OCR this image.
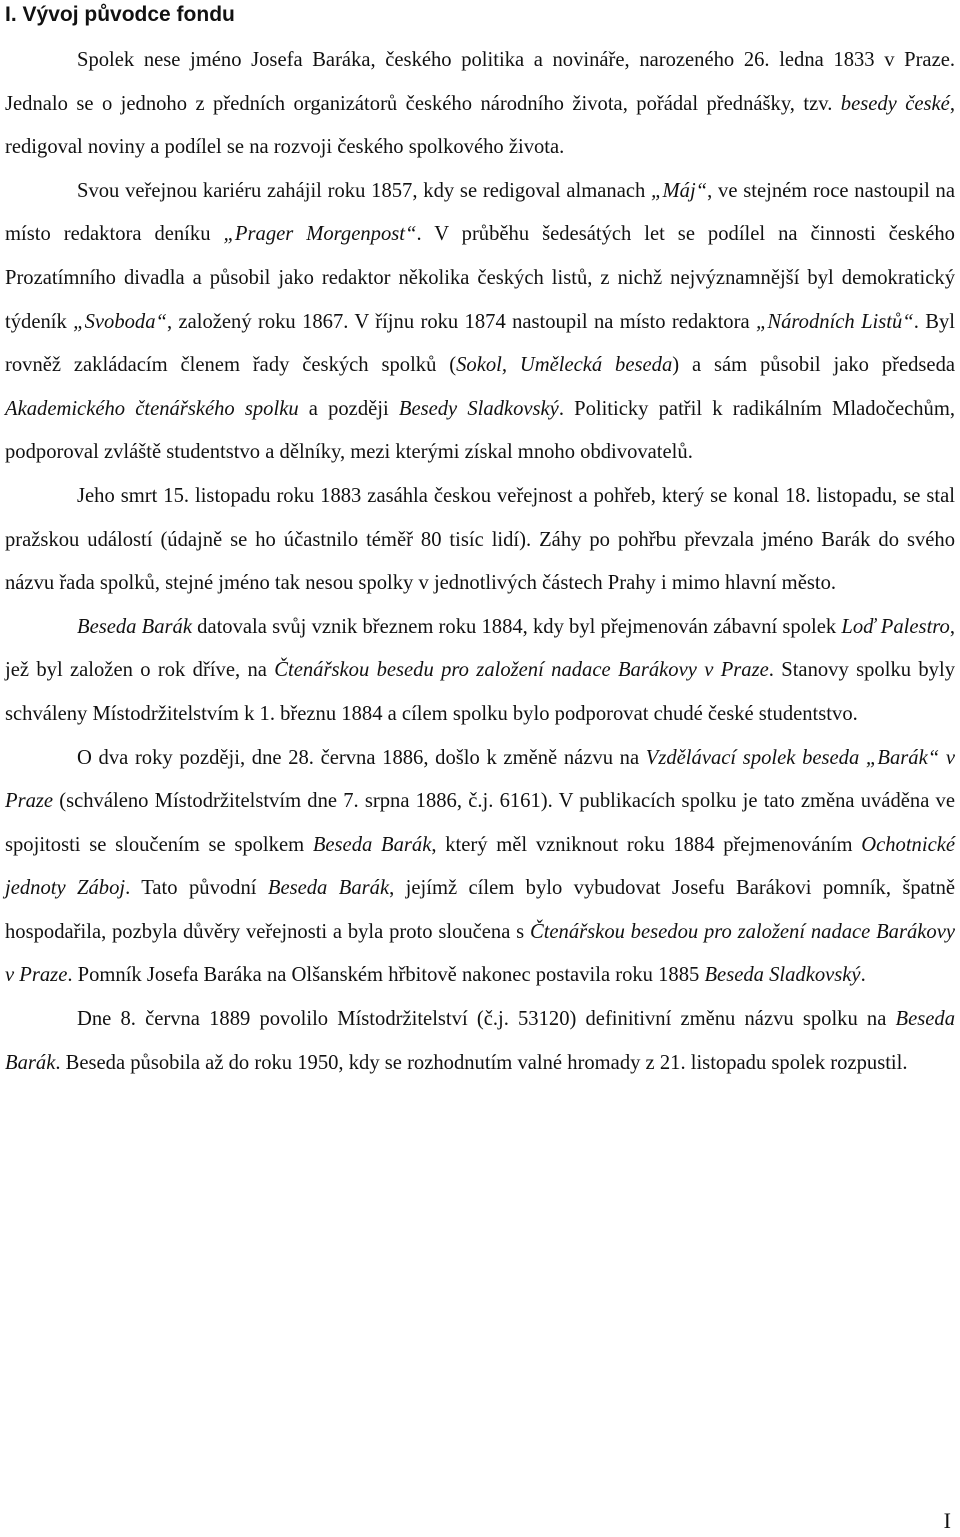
I. Vývoj původce fondu

Spolek nese jméno Josefa Baráka, českého politika a novináře, narozeného 26. ledna 1833 v Praze. Jednalo se o jednoho z předních organizátorů českého národního života, pořádal přednášky, tzv. besedy české, redigoval noviny a podílel se na rozvoji českého spolkového života.

Svou veřejnou kariéru zahájil roku 1857, kdy se redigoval almanach „Máj“, ve stejném roce nastoupil na místo redaktora deníku „Prager Morgenpost“. V průběhu šedesátých let se podílel na činnosti českého Prozatímního divadla a působil jako redaktor několika českých listů, z nichž nejvýznamnější byl demokratický týdeník „Svoboda“, založený roku 1867. V říjnu roku 1874 nastoupil na místo redaktora „Národních Listů“. Byl rovněž zakládacím členem řady českých spolků (Sokol, Umělecká beseda) a sám působil jako předseda Akademického čtenářského spolku a později Besedy Sladkovský. Politicky patřil k radikálním Mladočechům, podporoval zvláště studentstvo a dělníky, mezi kterými získal mnoho obdivovatelů.

Jeho smrt 15. listopadu roku 1883 zasáhla českou veřejnost a pohřeb, který se konal 18. listopadu, se stal pražskou událostí (údajně se ho účastnilo téměř 80 tisíc lidí). Záhy po pohřbu převzala jméno Barák do svého názvu řada spolků, stejné jméno tak nesou spolky v jednotlivých částech Prahy i mimo hlavní město.

Beseda Barák datovala svůj vznik březnem roku 1884, kdy byl přejmenován zábavní spolek Loď Palestro, jež byl založen o rok dříve, na Čtenářskou besedu pro založení nadace Barákovy v Praze. Stanovy spolku byly schváleny Místodržitelstvím k 1. březnu 1884 a cílem spolku bylo podporovat chudé české studentstvo.

O dva roky později, dne 28. června 1886, došlo k změně názvu na Vzdělávací spolek beseda „Barák“ v Praze (schváleno Místodržitelstvím dne 7. srpna 1886, č.j. 6161). V publikacích spolku je tato změna uváděna ve spojitosti se sloučením se spolkem Beseda Barák, který měl vzniknout roku 1884 přejmenováním Ochotnické jednoty Záboj. Tato původní Beseda Barák, jejímž cílem bylo vybudovat Josefu Barákovi pomník, špatně hospodařila, pozbyla důvěry veřejnosti a byla proto sloučena s Čtenářskou besedou pro založení nadace Barákovy v Praze. Pomník Josefa Baráka na Olšanském hřbitově nakonec postavila roku 1885 Beseda Sladkovský.

Dne 8. června 1889 povolilo Místodržitelství (č.j. 53120) definitivní změnu názvu spolku na Beseda Barák. Beseda působila až do roku 1950, kdy se rozhodnutím valné hromady z 21. listopadu spolek rozpustil.

I
